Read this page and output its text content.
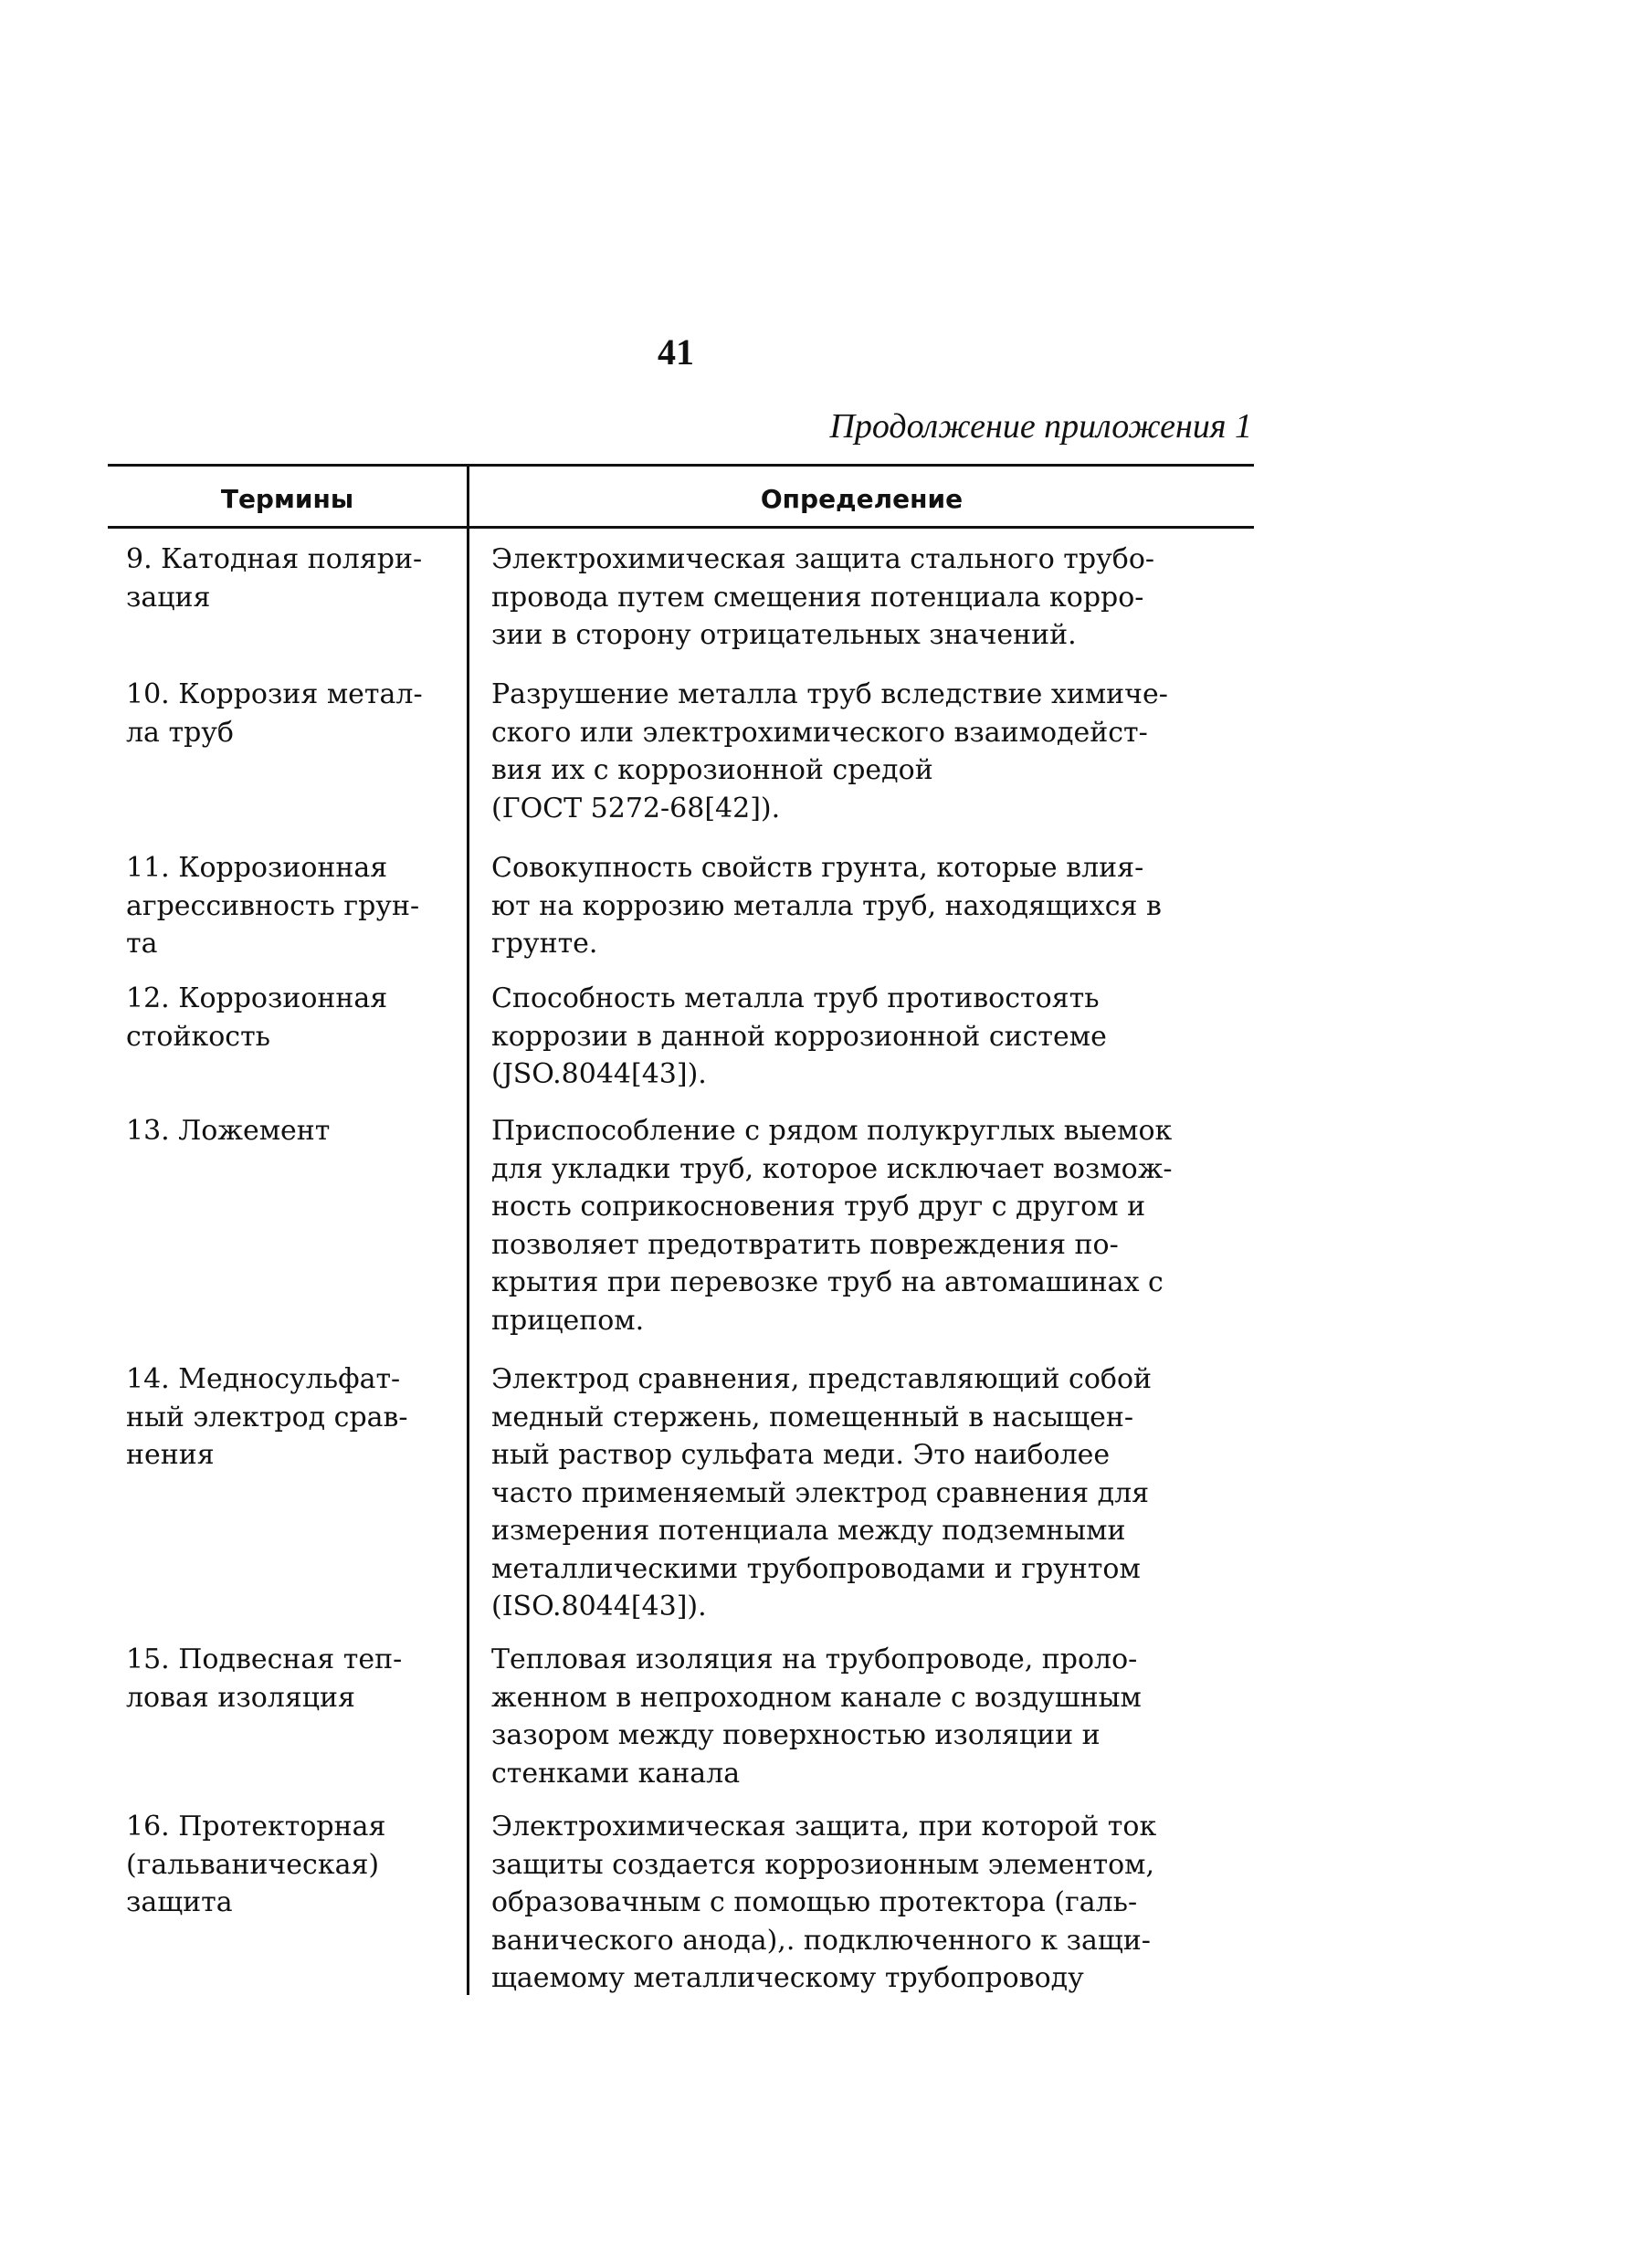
41
Продолжение приложения 1
Термины	Определение
9. Катодная поляри-
зация
Электрохимическая защита стального трубо-
провода путем смещения потенциала корро-
зии в сторону отрицательных значений.
10. Коррозия метал-
ла труб
Разрушение металла труб вследствие химиче-
ского или электрохимического взаимодейст-
вия их с коррозионной средой
(ГОСТ 5272-68[42]).
11. Коррозионная
агрессивность грун-
та
Совокупность свойств грунта, которые влия-
ют на коррозию металла труб, находящихся в
грунте.
12. Коррозионная
стойкость
Способность металла труб противостоять
коррозии в данной коррозионной системе
(JSO.8044[43]).
13. Ложемент	Приспособление с рядом полукруглых выемок
для укладки труб, которое исключает возмож-
ность соприкосновения труб друг с другом и
позволяет предотвратить повреждения по-
крытия при перевозке труб на автомашинах с
прицепом.
14. Медносульфат-
ный электрод срав-
нения
Электрод сравнения, представляющий собой
медный стержень, помещенный в насыщен-
ный раствор сульфата меди. Это наиболее
часто применяемый электрод сравнения для
измерения потенциала между подземными
металлическими трубопроводами и грунтом
(ISO.8044[43]).
15. Подвесная теп-
ловая изоляция
Тепловая изоляция на трубопроводе, проло-
женном в непроходном канале с воздушным
зазором между поверхностью изоляции и
стенками канала
16. Протекторная
(гальваническая)
защита
Электрохимическая защита, при которой ток
защиты создается коррозионным элементом,
образовачным с помощью протектора (галь-
ванического анода),. подключенного к защи-
щаемому металлическому трубопроводу
